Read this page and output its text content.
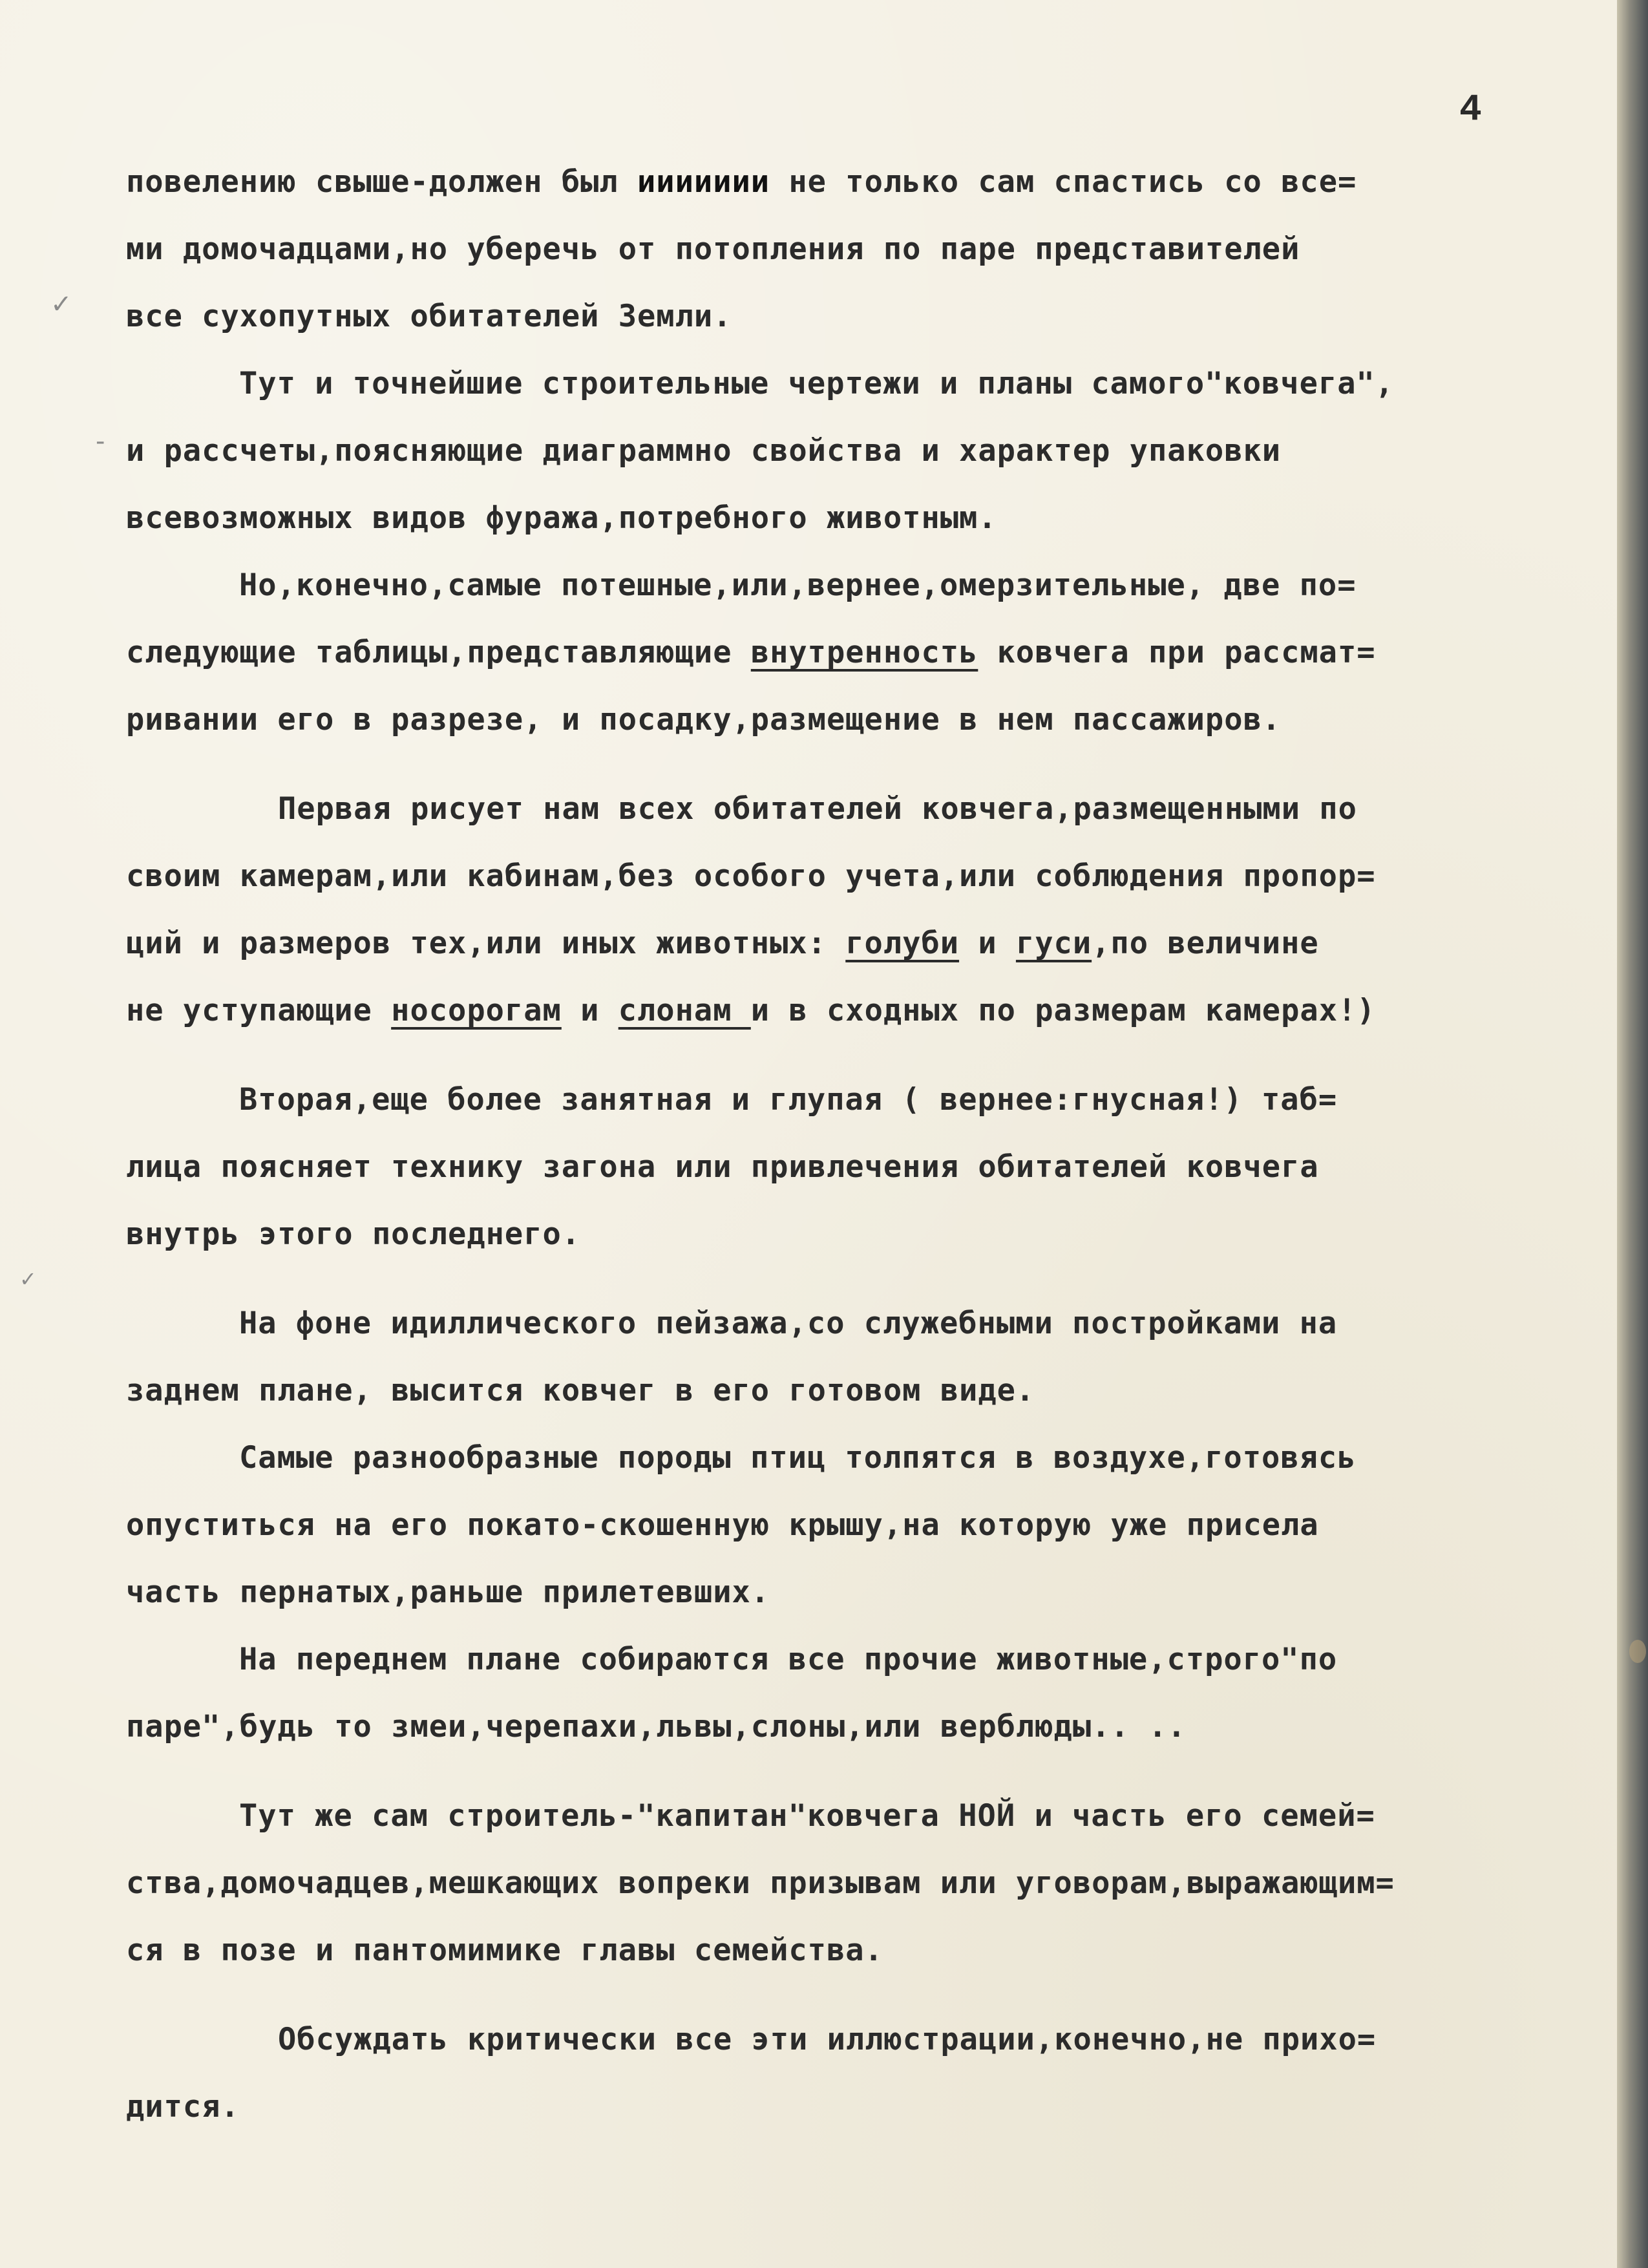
4
✓
-
✓
повелению свыше-должен был иииииии не только сам спастись со все=
ми домочадцами,но уберечь от потопления по паре представителей
все сухопутных обитателей Земли.
Тут и точнейшие строительные чертежи и планы самого"ковчега",
и рассчеты,поясняющие диаграммно свойства и характер упаковки
всевозможных видов фуража,потребного животным.
Но,конечно,самые потешные,или,вернее,омерзительные, две по=
следующие таблицы,представляющие внутренность ковчега при рассмат=
ривании его в разрезе, и посадку,размещение в нем пассажиров.
Первая рисует нам всех обитателей ковчега,размещенными по
своим камерам,или кабинам,без особого учета,или соблюдения пропор=
ций и размеров тех,или иных животных: голуби и гуси,по величине
не уступающие носорогам и слонам и в сходных по размерам камерах!)
Вторая,еще более занятная и глупая ( вернее:гнусная!) таб=
лица поясняет технику загона или привлечения обитателей ковчега
внутрь этого последнего.
На фоне идиллического пейзажа,со служебными постройками на
заднем плане, высится ковчег в его готовом виде.
Самые разнообразные породы птиц толпятся в воздухе,готовясь
опуститься на его покато-скошенную крышу,на которую уже присела
часть пернатых,раньше прилетевших.
На переднем плане собираются все прочие животные,строго"по
паре",будь то змеи,черепахи,львы,слоны,или верблюды.. ..
Тут же сам строитель-"капитан"ковчега НОЙ и часть его семей=
ства,домочадцев,мешкающих вопреки призывам или уговорам,выражающим=
ся в позе и пантомимике главы семейства.
Обсуждать критически все эти иллюстрации,конечно,не прихо=
дится.
